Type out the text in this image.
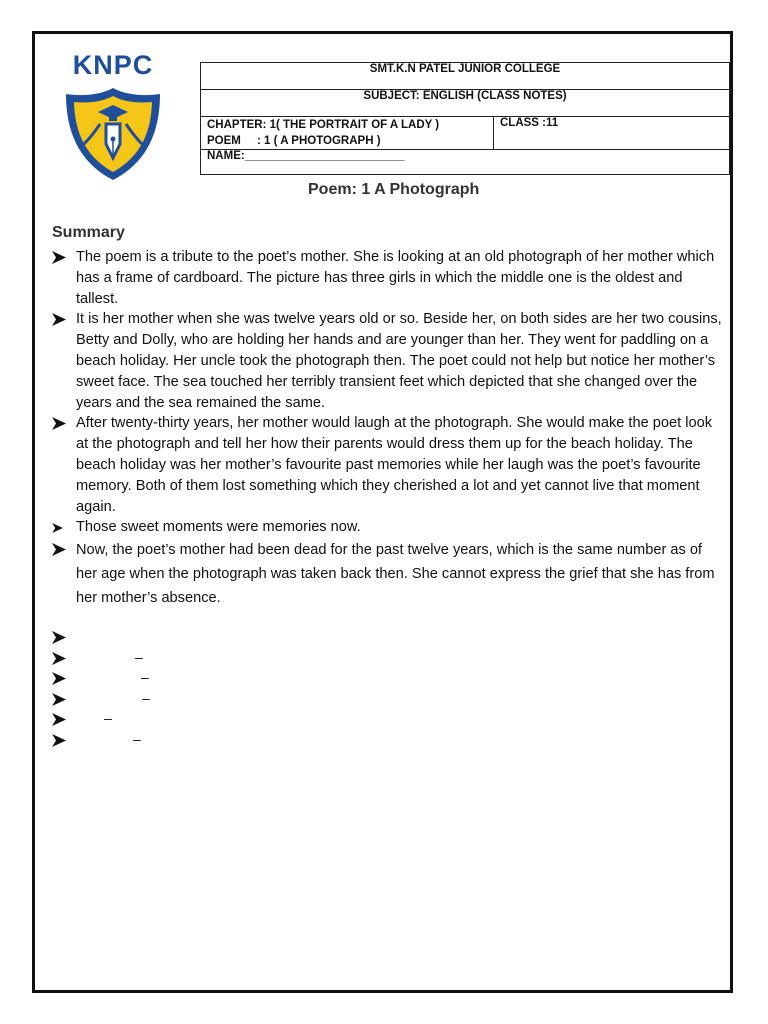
KNPC	SMT.K.N PATEL JUNIOR COLLEGE
SUBJECT: ENGLISH (CLASS NOTES)

CHAPTER: 1( THE PORTRAIT OF A LADY )
POEM : 1 ( A PHOTOGRAPH )
	CLASS :11
NAME:_________________________
Poem: 1 A Photograph
Summary
The poem is a tribute to the poet’s mother. She is looking at an old photograph of her mother which has a frame of cardboard. The picture has three girls in which the middle one is the oldest and tallest.
It is her mother when she was twelve years old or so. Beside her, on both sides are her two cousins, Betty and Dolly, who are holding her hands and are younger than her. They went for paddling on a beach holiday. Her uncle took the photograph then. The poet could not help but notice her mother’s sweet face. The sea touched her terribly transient feet which depicted that she changed over the years and the sea remained the same.
After twenty-thirty years, her mother would laugh at the photograph. She would make the poet look at the photograph and tell her how their parents would dress them up for the beach holiday. The beach holiday was her mother’s favourite past memories while her laugh was the poet’s favourite memory. Both of them lost something which they cherished a lot and yet cannot live that moment again.
Those sweet moments were memories now.
Now, the poet’s mother had been dead for the past twelve years, which is the same number as of her age when the photograph was taken back then. She cannot express the grief that she has from her mother’s absence.
–
–
–
–
–
